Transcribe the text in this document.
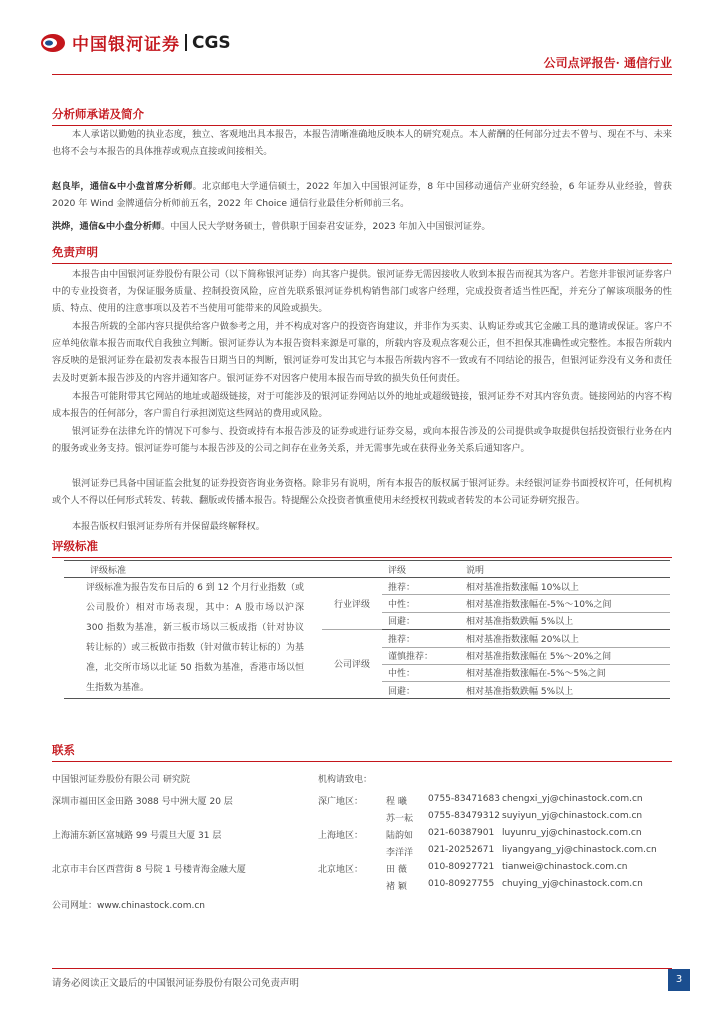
中国银河证券 CGS
公司点评报告· 通信行业
分析师承诺及简介
本人承诺以勤勉的执业态度，独立、客观地出具本报告，本报告清晰准确地反映本人的研究观点。本人薪酬的任何部分过去不曾与、现在不与、未来也将不会与本报告的具体推荐或观点直接或间接相关。
赵良毕，通信&中小盘首席分析师。北京邮电大学通信硕士，2022 年加入中国银河证券，8 年中国移动通信产业研究经验，6 年证券从业经验，曾获 2020 年 Wind 金牌通信分析师前五名，2022 年 Choice 通信行业最佳分析师前三名。
洪烨，通信&中小盘分析师。中国人民大学财务硕士，曾供职于国泰君安证券，2023 年加入中国银河证券。
免责声明
本报告由中国银河证券股份有限公司（以下简称银河证券）向其客户提供。银河证券无需因接收人收到本报告而视其为客户。若您并非银河证券客户中的专业投资者，为保证服务质量、控制投资风险，应首先联系银河证券机构销售部门或客户经理，完成投资者适当性匹配，并充分了解该项服务的性质、特点、使用的注意事项以及若不当使用可能带来的风险或损失。
本报告所载的全部内容只提供给客户做参考之用，并不构成对客户的投资咨询建议，并非作为买卖、认购证券或其它金融工具的邀请或保证。客户不应单纯依靠本报告而取代自我独立判断。银河证券认为本报告资料来源是可靠的，所载内容及观点客观公正，但不担保其准确性或完整性。本报告所载内容反映的是银河证券在最初发表本报告日期当日的判断，银河证券可发出其它与本报告所载内容不一致或有不同结论的报告，但银河证券没有义务和责任去及时更新本报告涉及的内容并通知客户。银河证券不对因客户使用本报告而导致的损失负任何责任。
本报告可能附带其它网站的地址或超级链接，对于可能涉及的银河证券网站以外的地址或超级链接，银河证券不对其内容负责。链接网站的内容不构成本报告的任何部分，客户需自行承担浏览这些网站的费用或风险。
银河证券在法律允许的情况下可参与、投资或持有本报告涉及的证券或进行证券交易，或向本报告涉及的公司提供或争取提供包括投资银行业务在内的服务或业务支持。银河证券可能与本报告涉及的公司之间存在业务关系，并无需事先或在获得业务关系后通知客户。
银河证券已具备中国证监会批复的证券投资咨询业务资格。除非另有说明，所有本报告的版权属于银河证券。未经银河证券书面授权许可，任何机构或个人不得以任何形式转发、转载、翻版或传播本报告。特提醒公众投资者慎重使用未经授权刊载或者转发的本公司证券研究报告。
本报告版权归银河证券所有并保留最终解释权。
评级标准
评级标准		评级	说明
评级标准为报告发布日后的 6 到 12 个月行业指数（或公司股价）相对市场表现，其中：A 股市场以沪深 300 指数为基准，新三板市场以三板成指（针对协议转让标的）或三板做市指数（针对做市转让标的）为基准，北交所市场以北证 50 指数为基准，香港市场以恒生指数为基准。	行业评级	推荐：	相对基准指数涨幅 10%以上
		中性：	相对基准指数涨幅在-5%～10%之间
		回避：	相对基准指数跌幅 5%以上
	公司评级	推荐：	相对基准指数涨幅 20%以上
		谨慎推荐：	相对基准指数涨幅在 5%～20%之间
		中性：	相对基准指数涨幅在-5%～5%之间
		回避：	相对基准指数跌幅 5%以上
联系
中国银河证券股份有限公司 研究院	机构请致电：
深圳市福田区金田路 3088 号中洲大厦 20 层	深广地区：	程 曦 0755-83471683 chengxi_yj@chinastock.com.cn
苏一耘 0755-83479312 suyiyun_yj@chinastock.com.cn
上海浦东新区富城路 99 号震旦大厦 31 层	上海地区：	陆韵如 021-60387901 luyunru_yj@chinastock.com.cn
李洋洋 021-20252671 liyangyang_yj@chinastock.com.cn
北京市丰台区西营街 8 号院 1 号楼青海金融大厦	北京地区：	田 薇 010-80927721 tianwei@chinastock.com.cn
褚 颖 010-80927755 chuying_yj@chinastock.com.cn
公司网址：www.chinastock.com.cn
请务必阅读正文最后的中国银河证券股份有限公司免责声明	3
